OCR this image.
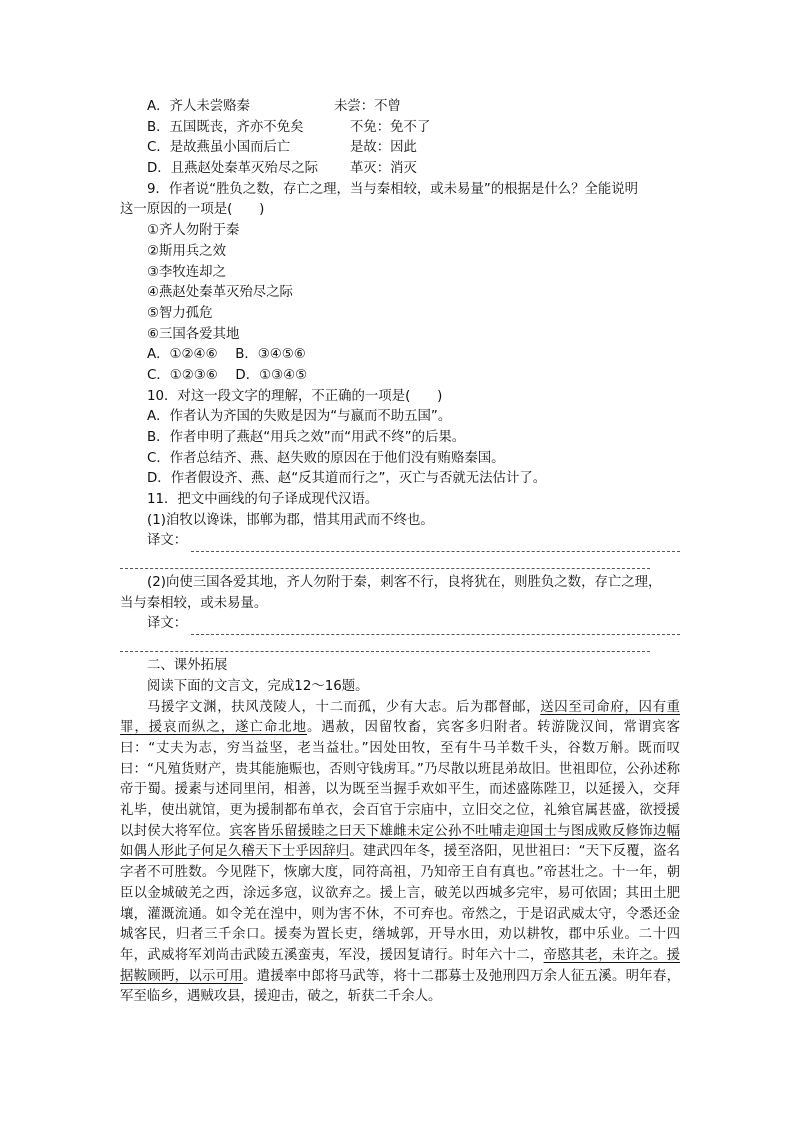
A．齐人未尝赂秦	未尝：不曾
B．五国既丧，齐亦不免矣	不免：免不了
C．是故燕虽小国而后亡	是故：因此
D．且燕赵处秦革灭殆尽之际	革灭：消灭
9．作者说“胜负之数，存亡之理，当与秦相较，或未易量”的根据是什么？全能说明
这一原因的一项是(　　)
①齐人勿附于秦
②斯用兵之效
③李牧连却之
④燕赵处秦革灭殆尽之际
⑤智力孤危
⑥三国各爱其地
A．①②④⑥　 B．③④⑤⑥
C．①②③⑥　 D．①③④⑤
10．对这一段文字的理解，不正确的一项是(　　)
A．作者认为齐国的失败是因为“与嬴而不助五国”。
B．作者申明了燕赵“用兵之效”而“用武不终”的后果。
C．作者总结齐、燕、赵失败的原因在于他们没有贿赂秦国。
D．作者假设齐、燕、赵“反其道而行之”，灭亡与否就无法估计了。
11．把文中画线的句子译成现代汉语。
(1)洎牧以谗诛，邯郸为郡，惜其用武而不终也。
译文：
(2)向使三国各爱其地，齐人勿附于秦，刺客不行，良将犹在，则胜负之数，存亡之理，
当与秦相较，或未易量。
译文：
二、课外拓展
阅读下面的文言文，完成12～16题。
马援字文渊，扶风茂陵人，十二而孤，少有大志。后为郡督邮，送囚至司命府，囚有重罪，援哀而纵之，遂亡命北地。遇赦，因留牧畜，宾客多归附者。转游陇汉间，常谓宾客曰：“丈夫为志，穷当益坚，老当益壮。”因处田牧，至有牛马羊数千头，谷数万斛。既而叹曰：“凡殖货财产，贵其能施赈也，否则守钱虏耳。”乃尽散以班昆弟故旧。世祖即位，公孙述称帝于蜀。援素与述同里闬，相善，以为既至当握手欢如平生，而述盛陈陛卫，以延援入，交拜礼毕，使出就馆，更为援制都布单衣，会百官于宗庙中，立旧交之位，礼飨官属甚盛，欲授援以封侯大将军位。宾客皆乐留援睦之曰天下雄雌未定公孙不吐哺走迎国士与图成败反修饰边幅如偶人形此子何足久稽天下士乎因辞归。建武四年冬，援至洛阳，见世祖曰：“天下反覆，盗名字者不可胜数。今见陛下，恢廓大度，同符高祖，乃知帝王自有真也。”帝甚壮之。十一年，朝臣以金城破羌之西，涂远多寇，议欲弃之。援上言，破羌以西城多完牢，易可依固；其田土肥壤，灌溉流通。如令羌在湟中，则为害不休，不可弃也。帝然之，于是诏武威太守，令悉还金城客民，归者三千余口。援奏为置长吏，缮城郭，开导水田，劝以耕牧，郡中乐业。二十四年，武威将军刘尚击武陵五溪蛮夷，军没，援因复请行。时年六十二，帝愍其老，未许之。援据鞍顾眄，以示可用。遣援率中郎将马武等，将十二郡募士及弛刑四万余人征五溪。明年春，军至临乡，遇贼攻县，援迎击，破之，斩获二千余人。
